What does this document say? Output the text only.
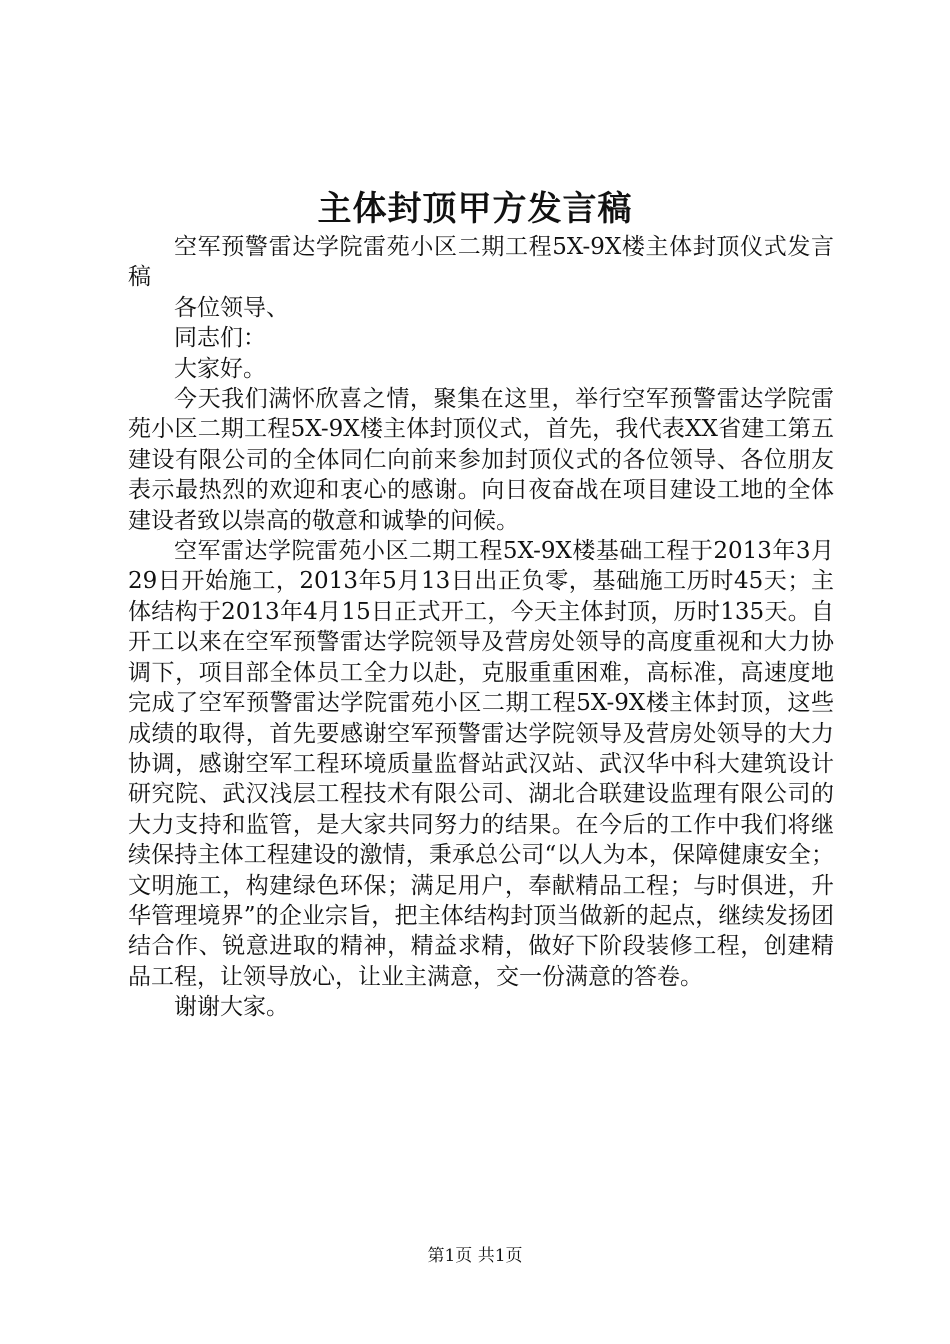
主体封顶甲方发言稿

空军预警雷达学院雷苑小区二期工程5X-9X楼主体封顶仪式发言稿

各位领导、

同志们：

大家好。

今天我们满怀欣喜之情，聚集在这里，举行空军预警雷达学院雷苑小区二期工程5X-9X楼主体封顶仪式，首先，我代表XX省建工第五建设有限公司的全体同仁向前来参加封顶仪式的各位领导、各位朋友表示最热烈的欢迎和衷心的感谢。向日夜奋战在项目建设工地的全体建设者致以崇高的敬意和诚挚的问候。

空军雷达学院雷苑小区二期工程5X-9X楼基础工程于2013年3月29日开始施工，2013年5月13日出正负零，基础施工历时45天；主体结构于2013年4月15日正式开工，今天主体封顶，历时135天。自开工以来在空军预警雷达学院领导及营房处领导的高度重视和大力协调下，项目部全体员工全力以赴，克服重重困难，高标准，高速度地完成了空军预警雷达学院雷苑小区二期工程5X-9X楼主体封顶，这些成绩的取得，首先要感谢空军预警雷达学院领导及营房处领导的大力协调，感谢空军工程环境质量监督站武汉站、武汉华中科大建筑设计研究院、武汉浅层工程技术有限公司、湖北合联建设监理有限公司的大力支持和监管，是大家共同努力的结果。在今后的工作中我们将继续保持主体工程建设的激情，秉承总公司“以人为本，保障健康安全；文明施工，构建绿色环保；满足用户，奉献精品工程；与时俱进，升华管理境界”的企业宗旨，把主体结构封顶当做新的起点，继续发扬团结合作、锐意进取的精神，精益求精，做好下阶段装修工程，创建精品工程，让领导放心，让业主满意，交一份满意的答卷。

谢谢大家。

第1页 共1页
